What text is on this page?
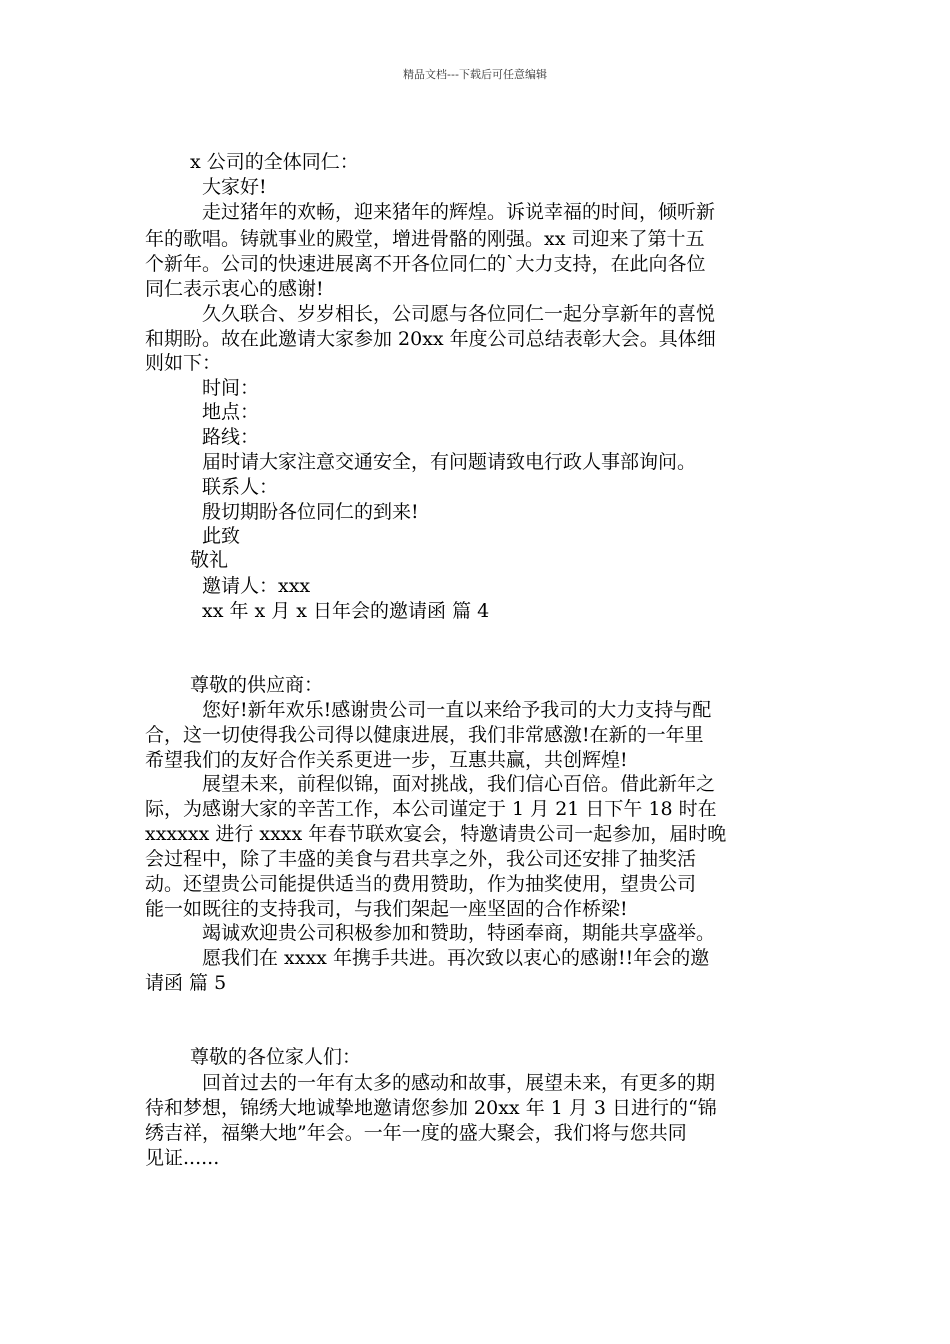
精品文档---下载后可任意编辑
x 公司的全体同仁：
大家好!
走过猪年的欢畅，迎来猪年的辉煌。诉说幸福的时间，倾听新
年的歌唱。铸就事业的殿堂，增进骨骼的刚强。xx 司迎来了第十五
个新年。公司的快速进展离不开各位同仁的`大力支持，在此向各位
同仁表示衷心的感谢!
久久联合、岁岁相长，公司愿与各位同仁一起分享新年的喜悦
和期盼。故在此邀请大家参加 20xx 年度公司总结表彰大会。具体细
则如下：
时间：
地点：
路线：
届时请大家注意交通安全，有问题请致电行政人事部询问。
联系人：
殷切期盼各位同仁的到来!
此致
敬礼
邀请人：xxx
xx 年 x 月 x 日年会的邀请函 篇 4
尊敬的供应商：
您好!新年欢乐!感谢贵公司一直以来给予我司的大力支持与配
合，这一切使得我公司得以健康进展，我们非常感激!在新的一年里
希望我们的友好合作关系更进一步，互惠共赢，共创辉煌!
展望未来，前程似锦，面对挑战，我们信心百倍。借此新年之
际，为感谢大家的辛苦工作，本公司谨定于 1 月 21 日下午 18 时在
xxxxxx 进行 xxxx 年春节联欢宴会，特邀请贵公司一起参加，届时晚
会过程中，除了丰盛的美食与君共享之外，我公司还安排了抽奖活
动。还望贵公司能提供适当的费用赞助，作为抽奖使用，望贵公司
能一如既往的支持我司，与我们架起一座坚固的合作桥梁!
竭诚欢迎贵公司积极参加和赞助，特函奉商，期能共享盛举。
愿我们在 xxxx 年携手共进。再次致以衷心的感谢!!年会的邀
请函 篇 5
尊敬的各位家人们：
回首过去的一年有太多的感动和故事，展望未来，有更多的期
待和梦想，锦绣大地诚挚地邀请您参加 20xx 年 1 月 3 日进行的“锦
绣吉祥，福樂大地”年会。一年一度的盛大聚会，我们将与您共同
见证......
